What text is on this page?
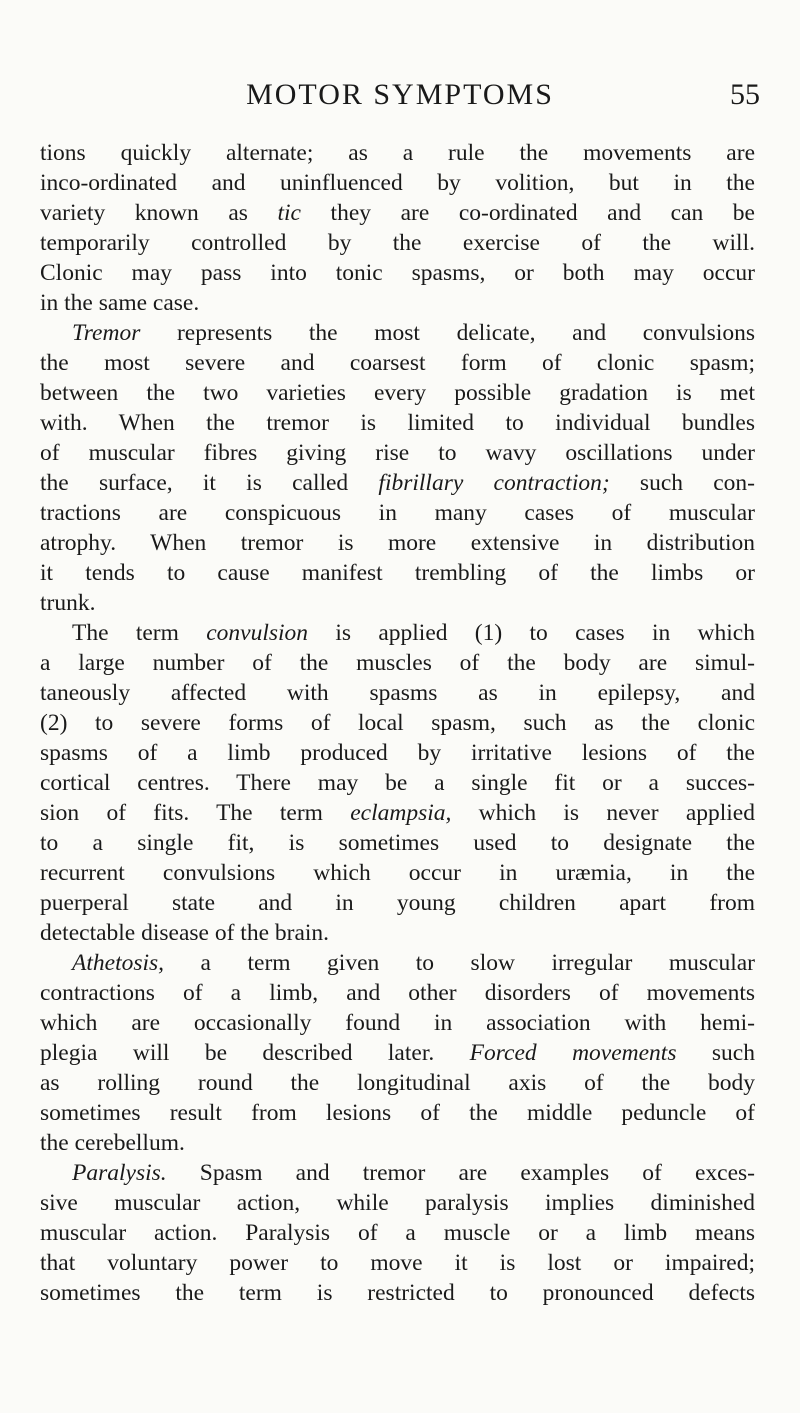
MOTOR SYMPTOMS	55
tions quickly alternate; as a rule the movements are
inco-ordinated and uninfluenced by volition, but in the
variety known as tic they are co-ordinated and can be
temporarily controlled by the exercise of the will.
Clonic may pass into tonic spasms, or both may occur
in the same case.
Tremor represents the most delicate, and convulsions
the most severe and coarsest form of clonic spasm;
between the two varieties every possible gradation is met
with. When the tremor is limited to individual bundles
of muscular fibres giving rise to wavy oscillations under
the surface, it is called fibrillary contraction; such con-
tractions are conspicuous in many cases of muscular
atrophy. When tremor is more extensive in distribution
it tends to cause manifest trembling of the limbs or
trunk.
The term convulsion is applied (1) to cases in which
a large number of the muscles of the body are simul-
taneously affected with spasms as in epilepsy, and
(2) to severe forms of local spasm, such as the clonic
spasms of a limb produced by irritative lesions of the
cortical centres. There may be a single fit or a succes-
sion of fits. The term eclampsia, which is never applied
to a single fit, is sometimes used to designate the
recurrent convulsions which occur in uræmia, in the
puerperal state and in young children apart from
detectable disease of the brain.
Athetosis, a term given to slow irregular muscular
contractions of a limb, and other disorders of movements
which are occasionally found in association with hemi-
plegia will be described later. Forced movements such
as rolling round the longitudinal axis of the body
sometimes result from lesions of the middle peduncle of
the cerebellum.
Paralysis. Spasm and tremor are examples of exces-
sive muscular action, while paralysis implies diminished
muscular action. Paralysis of a muscle or a limb means
that voluntary power to move it is lost or impaired;
sometimes the term is restricted to pronounced defects
